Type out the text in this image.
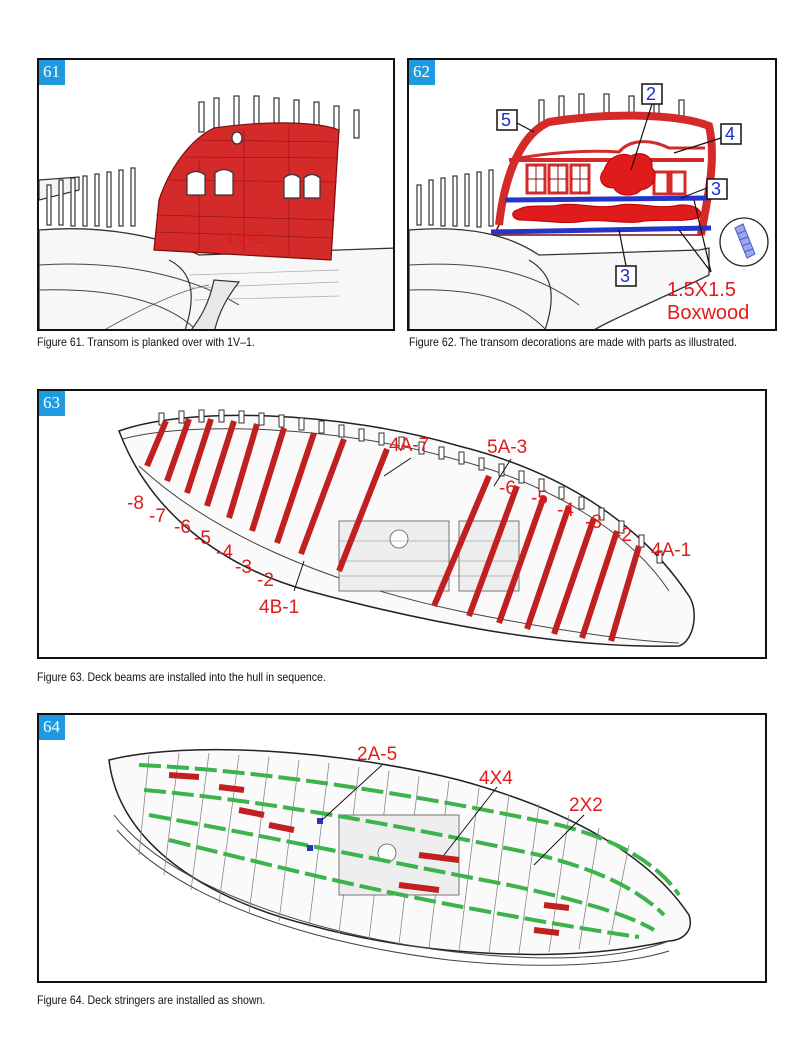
61
1V-1
Figure 61. Transom is planked over with 1V–1.
62
5
2
4
3
3
1.5X1.5
Boxwood
Figure 62. The transom decorations are made with parts as illustrated.
63
4A-7	5A-3
-6 -5
-4
-3
-2
4A-1
-8
-7
-6
-5
-4
-3
-2
4B-1
Figure 63. Deck beams are installed into the hull in sequence.
64
2A-5
4X4
2X2
Figure 64. Deck stringers are installed as shown.
